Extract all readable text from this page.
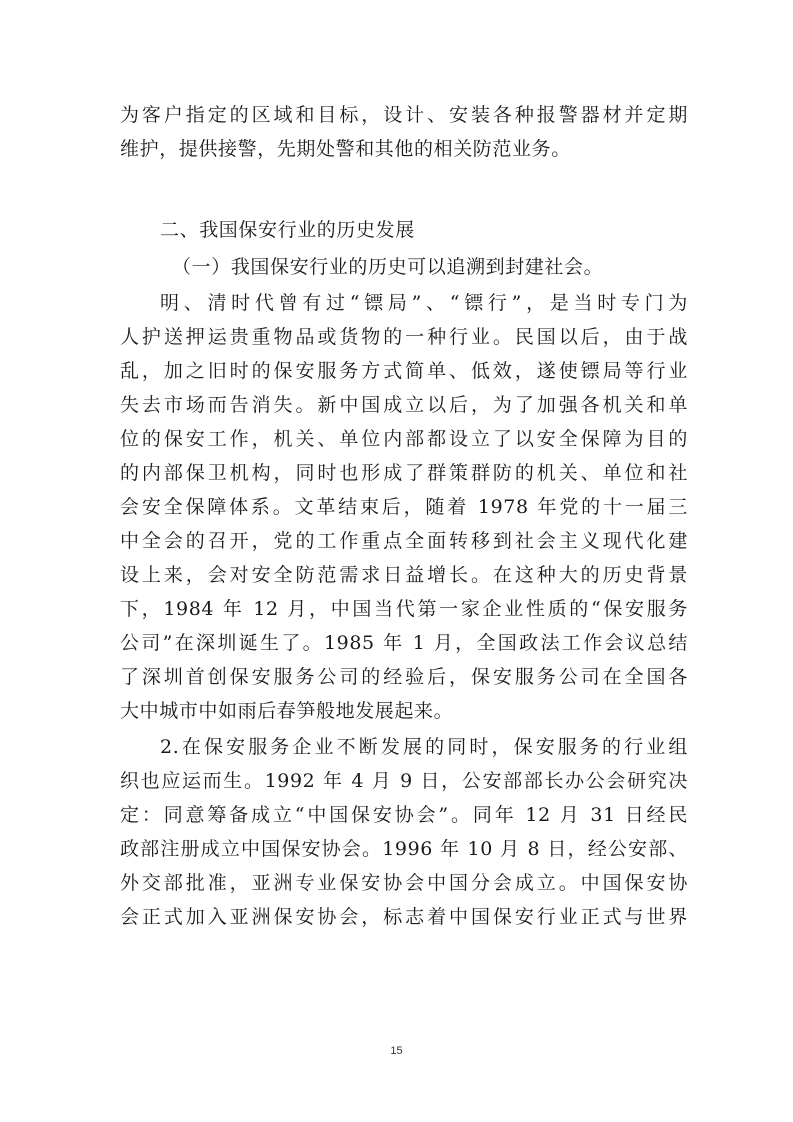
为客户指定的区域和目标，设计、安装各种报警器材并定期
维护，提供接警，先期处警和其他的相关防范业务。
二、我国保安行业的历史发展
（一）我国保安行业的历史可以追溯到封建社会。
明、清时代曾有过“镖局”、“镖行”，是当时专门为
人护送押运贵重物品或货物的一种行业。民国以后，由于战
乱，加之旧时的保安服务方式简单、低效，遂使镖局等行业
失去市场而告消失。新中国成立以后，为了加强各机关和单
位的保安工作，机关、单位内部都设立了以安全保障为目的
的内部保卫机构，同时也形成了群策群防的机关、单位和社
会安全保障体系。文革结束后，随着 1978 年党的十一届三
中全会的召开，党的工作重点全面转移到社会主义现代化建
设上来，会对安全防范需求日益增长。在这种大的历史背景
下，1984 年 12 月，中国当代第一家企业性质的“保安服务
公司”在深圳诞生了。1985 年 1 月，全国政法工作会议总结
了深圳首创保安服务公司的经验后，保安服务公司在全国各
大中城市中如雨后春笋般地发展起来。
2.在保安服务企业不断发展的同时，保安服务的行业组
织也应运而生。1992 年 4 月 9 日，公安部部长办公会研究决
定：同意筹备成立“中国保安协会”。同年 12 月 31 日经民
政部注册成立中国保安协会。1996 年 10 月 8 日，经公安部、
外交部批准，亚洲专业保安协会中国分会成立。中国保安协
会正式加入亚洲保安协会，标志着中国保安行业正式与世界
15
